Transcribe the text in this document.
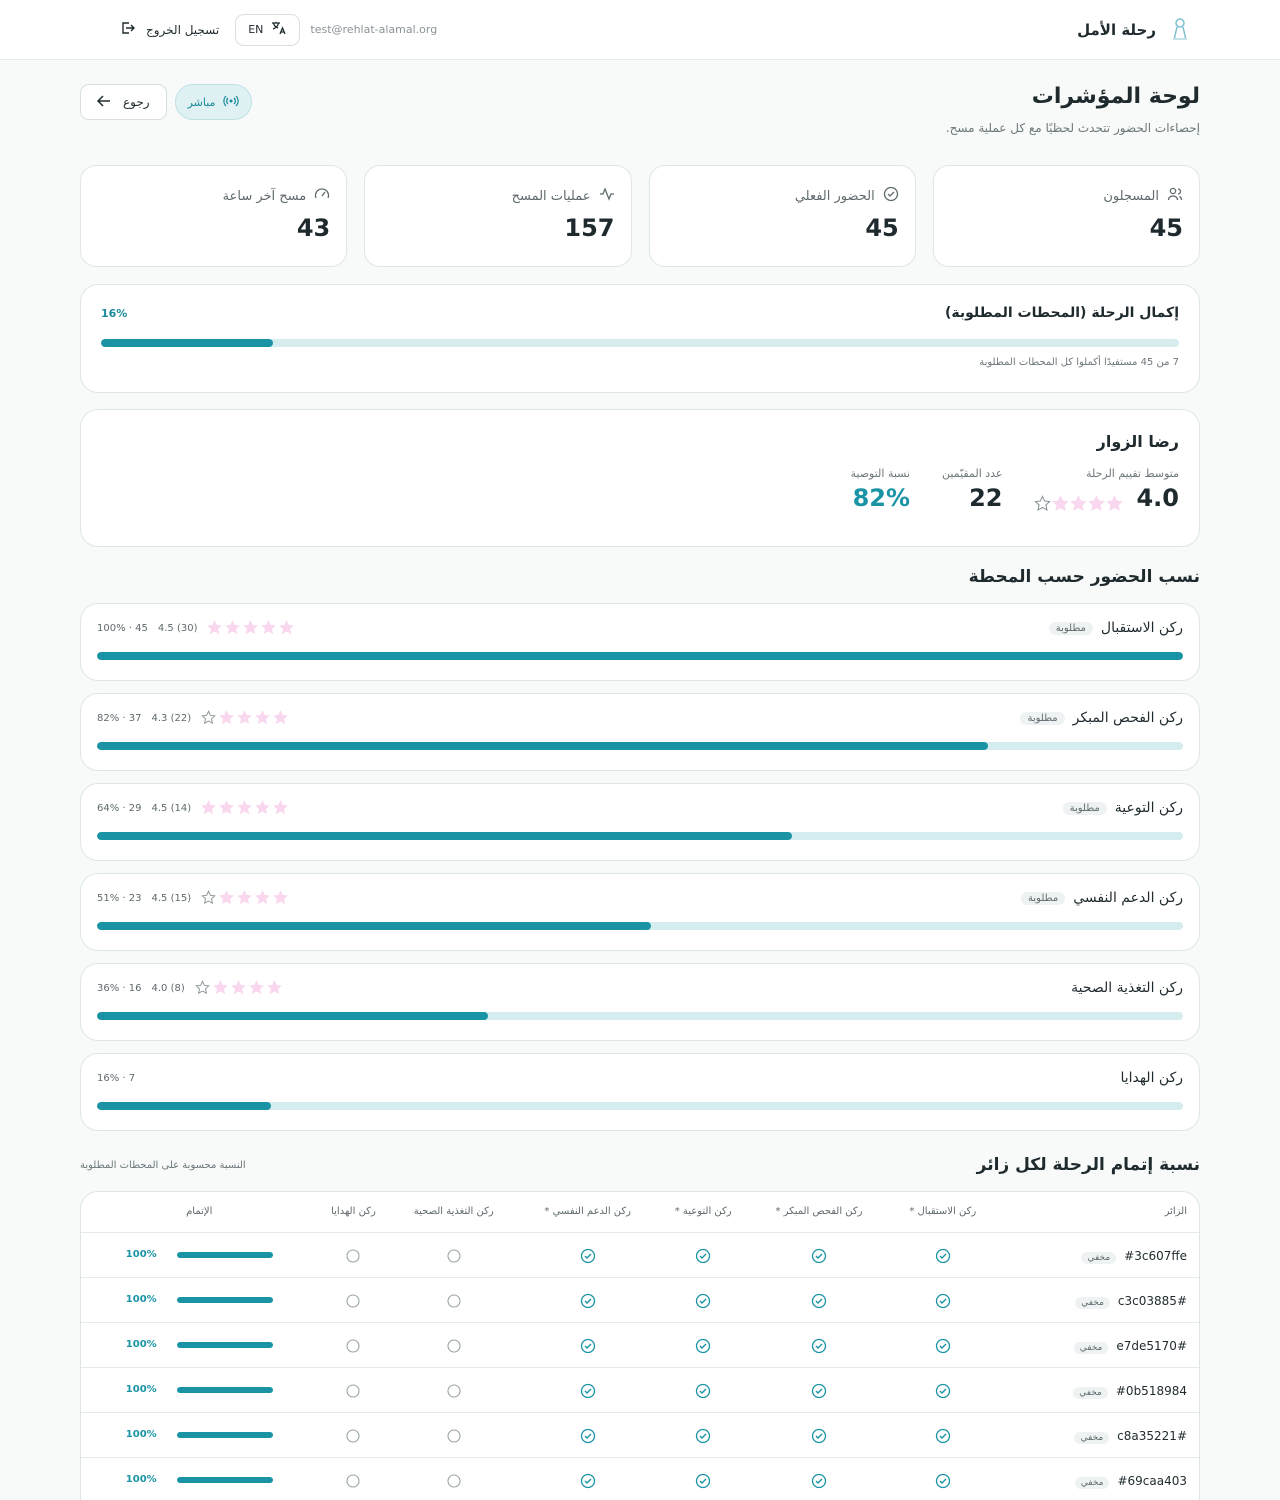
رحلة الأمل
test@rehlat-alamal.org
EN
تسجيل الخروج
لوحة المؤشرات
إحصاءات الحضور تتحدث لحظيًا مع كل عملية مسح.
مباشر
رجوع
المسجلون
45
الحضور الفعلي
45
عمليات المسح
157
مسح آخر ساعة
43
إكمال الرحلة (المحطات المطلوبة)
16%
7 من 45 مستفيدًا أكملوا كل المحطات المطلوبة
رضا الزوار
متوسط تقييم الرحلة
4.0
عدد المقيّمين
22
نسبة التوصية
82%
نسب الحضور حسب المحطة
ركن الاستقبال
مطلوبة
100% · 45 4.5 (30)
ركن الفحص المبكر
مطلوبة
82% · 37 4.3 (22)
ركن التوعية
مطلوبة
64% · 29 4.5 (14)
ركن الدعم النفسي
مطلوبة
51% · 23 4.5 (15)
ركن التغذية الصحية
36% · 16 4.0 (8)
ركن الهدايا
16% · 7
نسبة إتمام الرحلة لكل زائر
النسبة محسوبة على المحطات المطلوبة
الزائر	ركن الاستقبال *	ركن الفحص المبكر *	ركن التوعية *	ركن الدعم النفسي *	ركن التغذية الصحية	ركن الهدايا	الإتمام
#3c607ffeمخفي							100%

#c3c03885مخفي							100%

#e7de5170مخفي							100%

#0b518984مخفي							100%

#c8a35221مخفي							100%

#69caa403مخفي							100%
